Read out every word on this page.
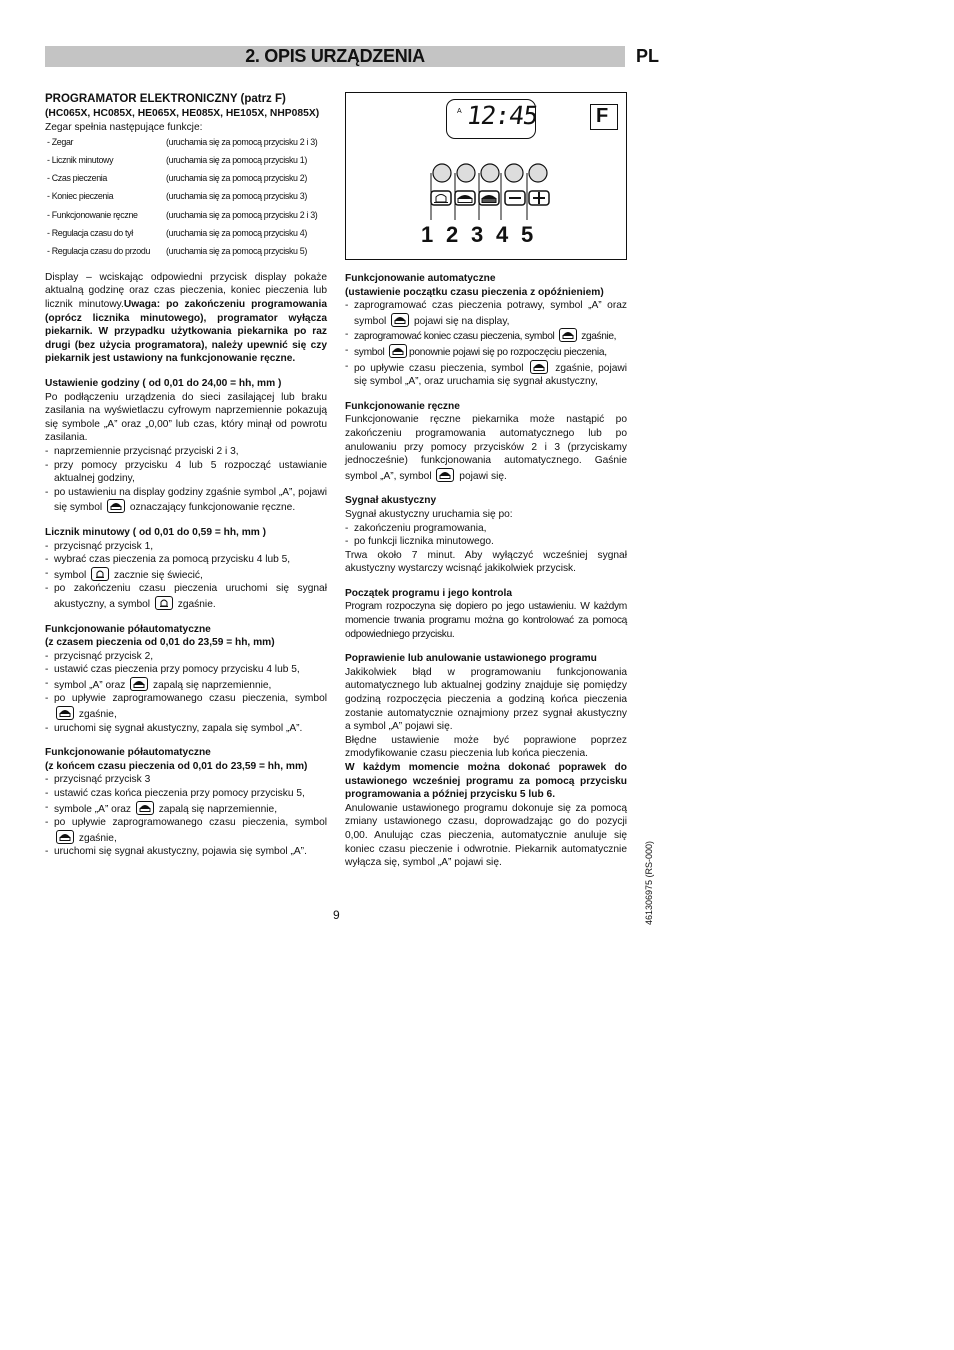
2. OPIS URZĄDZENIA	PL

PROGRAMATOR ELEKTRONICZNY (patrz F)

(HC065X, HC085X, HE065X, HE085X, HE105X, NHP085X)

Zegar spełnia następujące funkcje:

- Zegar	(uruchamia się za pomocą przycisku 2 i 3)
- Licznik minutowy	(uruchamia się za pomocą przycisku 1)
- Czas pieczenia	(uruchamia się za pomocą przycisku 2)
- Koniec pieczenia	(uruchamia się za pomocą przycisku 3)
- Funkcjonowanie ręczne	(uruchamia się za pomocą przycisku 2 i 3)
- Regulacja czasu do tył	(uruchamia się za pomocą przycisku 4)
- Regulacja czasu do przodu	(uruchamia się za pomocą przycisku 5)

Display – wciskając odpowiedni przycisk display pokaże aktualną godzinę oraz czas pieczenia, koniec pieczenia lub licznik minutowy.Uwaga: po zakończeniu programowania (oprócz licznika minutowego), programator wyłącza piekarnik. W przypadku użytkowania piekarnika po raz drugi (bez użycia programatora), należy upewnić się czy piekarnik jest ustawiony na funkcjonowanie ręczne.

Ustawienie godziny ( od 0,01 do 24,00 = hh, mm )

Po podłączeniu urządzenia do sieci zasilającej lub braku zasilania na wyświetlaczu cyfrowym naprzemiennie pokazują się symbole „A” oraz „0,00” lub czas, który minął od powrotu zasilania.

- naprzemiennie przycisnąć przyciski 2 i 3,
- przy pomocy przycisku 4 lub 5 rozpocząć ustawianie aktualnej godziny,
- po ustawieniu na display godziny zgaśnie symbol „A”, pojawi się symbol	oznaczający funkcjonowanie ręczne.

Licznik minutowy ( od 0,01 do 0,59 = hh, mm )

- przycisnąć przycisk 1,
- wybrać czas pieczenia za pomocą przycisku 4 lub 5,
- symbol	zacznie się świecić,
- po zakończeniu czasu pieczenia uruchomi się sygnał akustyczny, a symbol	zgaśnie.

Funkcjonowanie półautomatyczne

(z czasem pieczenia od 0,01 do 23,59 = hh, mm)

- przycisnąć przycisk 2,
- ustawić czas pieczenia przy pomocy przycisku 4 lub 5,
- symbol „A” oraz	zapalą się naprzemiennie,
- po upływie zaprogramowanego czasu pieczenia, symbol
zgaśnie,
- uruchomi się sygnał akustyczny, zapala się symbol „A”.

Funkcjonowanie półautomatyczne

(z końcem czasu pieczenia od 0,01 do 23,59 = hh, mm)

- przycisnąć przycisk 3
- ustawić czas końca pieczenia przy pomocy przycisku 5,
- symbole „A” oraz	zapalą się naprzemiennie,
- po upływie zaprogramowanego czasu pieczenia, symbol
zgaśnie,
- uruchomi się sygnał akustyczny, pojawia się symbol „A”.
A 12:45	F
1 2 3 4 5

Funkcjonowanie automatyczne

(ustawienie początku czasu pieczenia z opóźnieniem)

- zaprogramować czas pieczenia potrawy, symbol „A” oraz symbol	pojawi się na display,
- zaprogramować koniec czasu pieczenia, symbol	zgaśnie,
- symbol ponownie pojawi się po rozpoczęciu pieczenia,
- po upływie czasu pieczenia, symbol	zgaśnie, pojawi się symbol „A”, oraz uruchamia się sygnał akustyczny,

Funkcjonowanie ręczne

Funkcjonowanie ręczne piekarnika może nastąpić po zakończeniu programowania automatycznego lub po anulowaniu przy pomocy przycisków 2 i 3 (przyciskamy jednocześnie) funkcjonowania automatycznego. Gaśnie symbol „A”, symbol	pojawi się.

Sygnał akustyczny

Sygnał akustyczny uruchamia się po:

- zakończeniu programowania,
- po funkcji licznika minutowego.

Trwa około 7 minut. Aby wyłączyć wcześniej sygnał akustyczny wystarczy wcisnąć jakikolwiek przycisk.

Początek programu i jego kontrola

Program rozpoczyna się dopiero po jego ustawieniu. W każdym momencie trwania programu można go kontrolować za pomocą odpowiedniego przycisku.

Poprawienie lub anulowanie ustawionego programu

Jakikolwiek błąd w programowaniu funkcjonowania automatycznego lub aktualnej godziny znajduje się pomiędzy godziną rozpoczęcia pieczenia a godziną końca pieczenia zostanie automatycznie oznajmiony przez sygnał akustyczny a symbol „A” pojawi się.

Błędne ustawienie może być poprawione poprzez zmodyfikowanie czasu pieczenia lub końca pieczenia.

W każdym momencie można dokonać poprawek do ustawionego wcześniej programu za pomocą przycisku programowania a później przycisku 5 lub 6.

Anulowanie ustawionego programu dokonuje się za pomocą zmiany ustawionego czasu, doprowadzając go do pozycji 0,00. Anulując czas pieczenia, automatycznie anuluje się koniec czasu pieczenie i odwrotnie. Piekarnik automatycznie wyłącza się, symbol „A” pojawi się.

9	461306975 (RS-000)
